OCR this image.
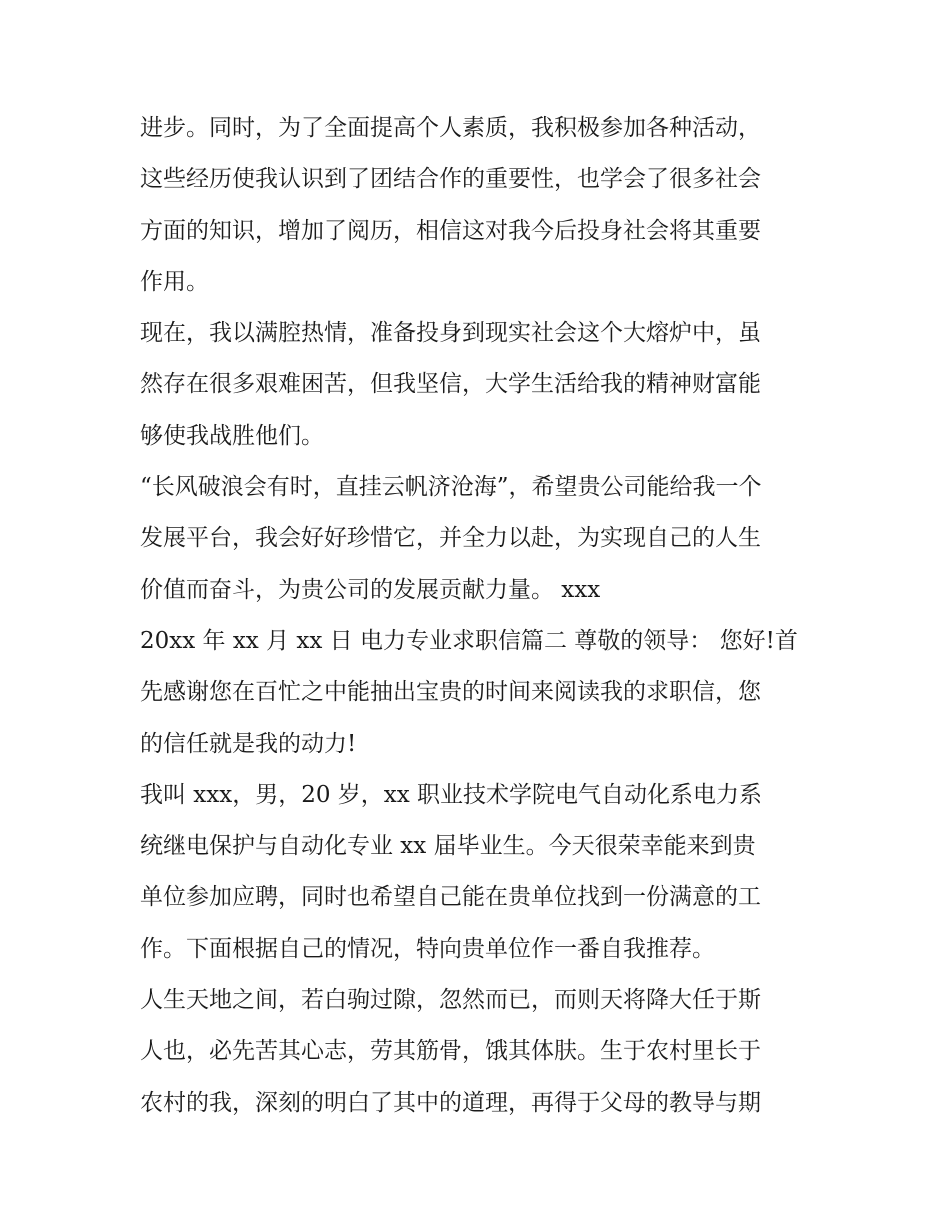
进步。同时，为了全面提高个人素质，我积极参加各种活动，
这些经历使我认识到了团结合作的重要性，也学会了很多社会
方面的知识，增加了阅历，相信这对我今后投身社会将其重要
作用。
现在，我以满腔热情，准备投身到现实社会这个大熔炉中，虽
然存在很多艰难困苦，但我坚信，大学生活给我的精神财富能
够使我战胜他们。
“长风破浪会有时，直挂云帆济沧海”，希望贵公司能给我一个
发展平台，我会好好珍惜它，并全力以赴，为实现自己的人生
价值而奋斗，为贵公司的发展贡献力量。 xxx
20xx 年 xx 月 xx 日 电力专业求职信篇二 尊敬的领导： 您好!首
先感谢您在百忙之中能抽出宝贵的时间来阅读我的求职信，您
的信任就是我的动力!
我叫 xxx，男，20 岁，xx 职业技术学院电气自动化系电力系
统继电保护与自动化专业 xx 届毕业生。今天很荣幸能来到贵
单位参加应聘，同时也希望自己能在贵单位找到一份满意的工
作。下面根据自己的情况，特向贵单位作一番自我推荐。
人生天地之间，若白驹过隙，忽然而已，而则天将降大任于斯
人也，必先苦其心志，劳其筋骨，饿其体肤。生于农村里长于
农村的我，深刻的明白了其中的道理，再得于父母的教导与期
